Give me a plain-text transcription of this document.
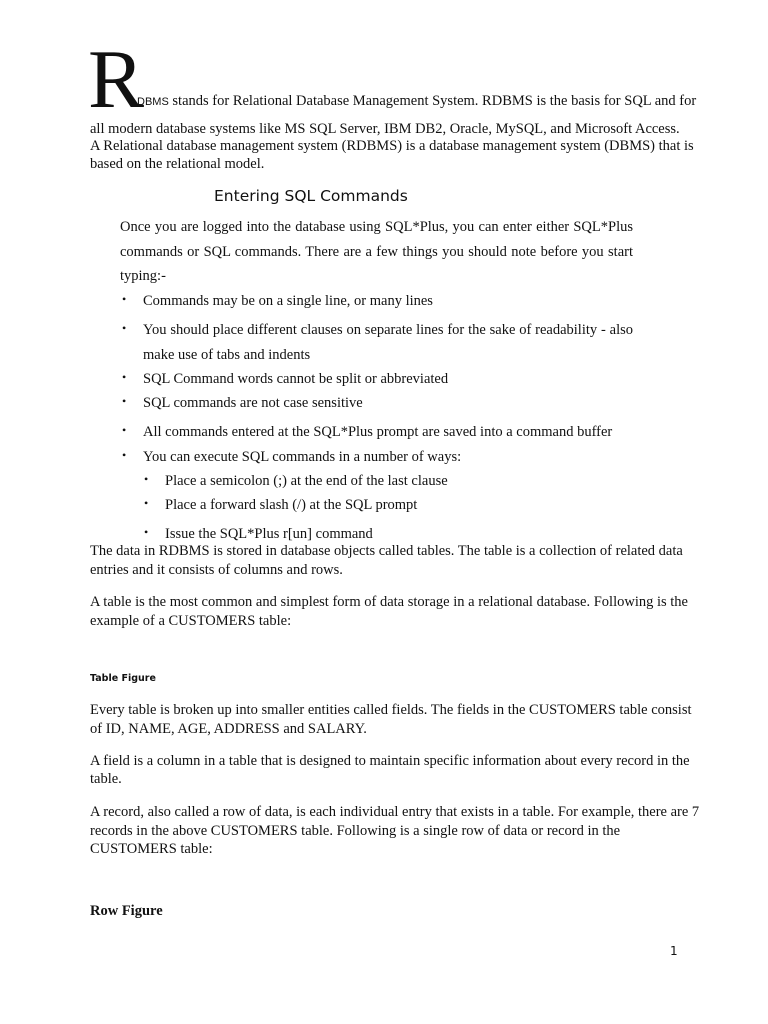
R
DBMS stands for Relational Database Management System. RDBMS is the basis for SQL and for

all modern database systems like MS SQL Server, IBM DB2, Oracle, MySQL, and Microsoft Access.

A Relational database management system (RDBMS) is a database management system (DBMS) that is

based on the relational model.

Entering SQL Commands

Once you are logged into the database using SQL*Plus, you can enter either SQL*Plus

commands or SQL commands. There are a few things you should note before you start

typing:-

• Commands may be on a single line, or many lines

• You should place different clauses on separate lines for the sake of readability - also

make use of tabs and indents

• SQL Command words cannot be split or abbreviated

• SQL commands are not case sensitive

• All commands entered at the SQL*Plus prompt are saved into a command buffer

• You can execute SQL commands in a number of ways:

• Place a semicolon (;) at the end of the last clause

• Place a forward slash (/) at the SQL prompt

• Issue the SQL*Plus r[un] command

The data in RDBMS is stored in database objects called tables. The table is a collection of related data

entries and it consists of columns and rows.

A table is the most common and simplest form of data storage in a relational database. Following is the

example of a CUSTOMERS table:

Table Figure

Every table is broken up into smaller entities called fields. The fields in the CUSTOMERS table consist

of ID, NAME, AGE, ADDRESS and SALARY.

A field is a column in a table that is designed to maintain specific information about every record in the

table.

A record, also called a row of data, is each individual entry that exists in a table. For example, there are 7

records in the above CUSTOMERS table. Following is a single row of data or record in the

CUSTOMERS table:

Row Figure

1
